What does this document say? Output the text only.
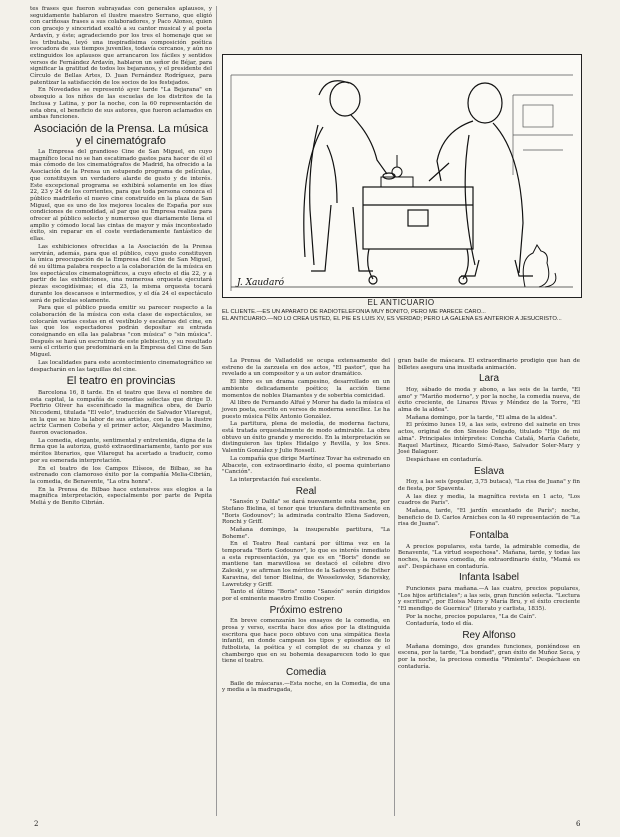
tes frases que fueron subrayadas con generales aplausos, y seguidamente hablaron el ilustre maestro Serrano, que eligió con cariñosas frases a sus colaboradores, y Paco Alonso, quien con gracejo y sinceridad exaltó a su cantor musical y al poeta Ardavín, y éste; agradeciendo por los tres el homenaje que se les tributaba, leyó una inspiradísima composición poética evocadora de sus tiempos juveniles, todavía cercanos, y aún no extinguidos los aplausos que arrancaron los fáciles y sentidos versos de Fernández Ardavín, hablaron un señor de Béjar, para significar la gratitud de todos los bejaranos, y el presidente del Círculo de Bellas Artes, D. Juan Fernández Rodríguez, para patentizar la satisfacción de los socios de los festejados.

En Novedades se representó ayer tarde "La Bejarana" en obsequio a los niños de las escuelas de los distritos de la Inclusa y Latina, y por la noche, con la 60 representación de esta obra, el beneficio de sus autores, que fueron aclamados en ambas funciones.

Asociación de la Prensa. La música y el cinematógrafo

La Empresa del grandioso Cine de San Miguel, en cuyo magnífico local no se han escatimado gastos para hacer de él el más cómodo de los cinematógrafos de Madrid, ha ofrecido a la Asociación de la Prensa un estupendo programa de películas, que constituyen un verdadero alarde de gusto y de interés. Este excepcional programa se exhibirá solamente en los días 22, 23 y 24 de los corrientes, para que toda persona conozca el público madrileño el nuevo cine construído en la plaza de San Miguel, que es uno de los mejores locales de España por sus condiciones de comodidad, al par que su Empresa realiza para ofrecer al público selecto y numeroso que diariamente llena el amplio y cómodo local las cintas de mayor y más incontestado éxito, sin reparar en el coste verdaderamente fantástico de ellas.

Las exhibiciones ofrecidas a la Asociación de la Prensa servirán, además, para que el público, cuyo gusto constituyen la única preocupación de la Empresa del Cine de San Miguel, dé su última palabra respecto a la colaboración de la música en los espectáculos cinematográficos, a cuyo efecto el día 22, y a partir de las exhibiciones, una numerosa orquesta ejecutará piezas escogidísimas; el día 23, la misma orquesta tocará durante los descansos e intermedios, y el día 24 el espectáculo será de películas solamente.

Para que el público pueda emitir su parecer respecto a la colaboración de la música con esta clase de espectáculos, se colocarán varias cestas en el vestíbulo y escaleras del cine, en las que los espectadores podrán depositar su entrada consignando en ella las palabras "con música" o "sin música". Después se hará un escrutinio de este plebiscito, y su resultado será el criterio que predominará en la Empresa del Cine de San Miguel.

Las localidades para este acontecimiento cinematográfico se despacharán en las taquillas del cine.

El teatro en provincias

Barcelona 16, 8 tarde. En el teatro que lleva el nombre de esta capital, la compañía de comedias selectas que dirige D. Porfirio Oliver ha escenificado la magnífica obra, de Darío Niccodemi, titulada "El velo", traducción de Salvador Vilaregut, en la que se hizo la labor de sus artistas, con la que la ilustre actriz Carmen Cobeña y el primer actor, Alejandro Maximino, fueron ovacionados.

La comedia, elegante, sentimental y entretenida, digna de la firma que la autoriza, gustó extraordinariamente, tanto por sus méritos literarios, que Vilaregut ha acertado a traducir, como por su esmerada interpretación.

En el teatro de los Campos Elíseos, de Bilbao, se ha estrenado con clamoroso éxito por la compañía Melia-Cibrián, la comedia, de Benavente, "La otra honra".

En la Prensa de Bilbao hace extensivos sus elogios a la magnífica interpretación, especialmente por parte de Pepita Meliá y de Benito Cibrián.

J. Xaudaró
EL ANTICUARIO

EL CLIENTE.—ES UN APARATO DE RADIOTELEFONIA MUY BONITO, PERO ME PARECE CARO...

EL ANTICUARIO.—NO LO CREA USTED, EL PIE ES LUIS XV, ES VERDAD; PERO LA GALENA ES ANTERIOR A JESUCRISTO...

La Prensa de Valladolid se ocupa extensamente del estreno de la zarzuela en dos actos, "El pastor", que ha revelado a un compositor y a un autor dramático.

El libro es un drama campesino, desarrollado en un ambiente delicadamente poético; la acción tiene momentos de nobles Diamantes y de soberbia comicidad.

Al libro de Fernando Alfué y Morer ha dado la música el joven poeta, escrito en versos de moderna sencillez. Le ha puesto música Félix Antonio González.

La partitura, plena de melodía, de moderna factura, está tratada orquestalmente de modo admirable. La obra obtuvo un éxito grande y merecido. En la interpretación se distinguieron las tiples Hidalgo y Revilla, y los Sres. Valentín González y Julio Rossell.

La compañía que dirige Martínez Tovar ha estrenado en Albacete, con extraordinario éxito, el poema quinteriano "Canción".

La interpretación fué excelente.

Real

"Sansón y Dalila" se dará nuevamente esta noche, por Stefano Bielina, el tenor que triunfara definitivamente en "Boris Godounov"; la admirada contralto Elena Sadoven, Ronchi y Griff.

Mañana domingo, la insuperable partitura, "La Boheme".

En el Teatro Real cantará por última vez en la temporada "Boris Godounov", lo que es interés inmediato a esta representación, ya que es en "Boris" donde se mantiene tan maravillosa se destacó el célebre divo Zaleski, y se afirman los méritos de la Sadoven y de Esther Karavina, del tenor Bielina, de Wesselowsky, Sdanovsky, Lawretzky y Griff.

Tanto el último "Boris" como "Sansón" serán dirigidos por el eminente maestro Emilio Cooper.

Próximo estreno

En breve comenzarán los ensayos de la comedia, en prosa y verso, escrita hace dos años por la distinguida escritora que hace poco obtuvo con una simpática fiesta infantil, en donde campean los tipos y episodios de lo futbolista, la poética y el complot de su chanza y el chambergo que en su bohemia desaparecen todo lo que tiene el teatro.

Comedia

Baile de máscaras.—Esta noche, en la Comedia, de una y media a la madrugada,

gran baile de máscara. El extraordinario prodigio que han de billetes asegura una inusitada animación.

Lara

Hoy, sábado de moda y abono, a las seis de la tarde, "El amo" y "Mariño moderno", y por la noche, la comedia nueva, de éxito creciente, de Linares Rivas y Méndez de la Torre, "El alma de la aldea".

Mañana domingo, por la tarde, "El alma de la aldea".

El próximo lunes 19, a las seis, estreno del sainete en tres actos, original de don Sinesio Delgado, titulado "Hijo de mi alma". Principales intérpretes: Concha Catalá, María Cañete, Raquel Martínez, Ricardo Simó-Raso, Salvador Soler-Mary y José Balaguer.

Despáchase en contaduría.

Eslava

Hoy, a las seis (popular, 3,75 butaca), "La risa de Juana" y fin de fiesta, por Spaventa.

A las diez y media, la magnífica revista en 1 acto, "Los cuadros de París".

Mañana, tarde, "El jardín encantado de París"; noche, beneficio de D. Carlos Arniches con la 40 representación de "La risa de Juana".

Fontalba

A precios populares, esta tarde, la admirable comedia, de Benavente, "La virtud sospechosa". Mañana, tarde, y todas las noches, la nueva comedia, de extraordinario éxito, "Mamá es así". Despáchase en contaduría.

Infanta Isabel

Funciones para mañana.—A las cuatro, precios populares, "Los hijos artificiales"; a las seis, gran función selecta. "Lectura y escritura", por Eloisa Muro y María Bru, y el éxito creciente "El mendigo de Guernica" (literato y carlista, 1835).

Por la noche, precios populares, "La de Caín".

Contaduría, todo el día.

Rey Alfonso

Mañana domingo, dos grandes funciones, poniéndose en escena, por la tarde, "La bondad", gran éxito de Muñoz Seca, y por la noche, la preciosa comedia "Pimienta". Despáchase en contaduría.

2	6
